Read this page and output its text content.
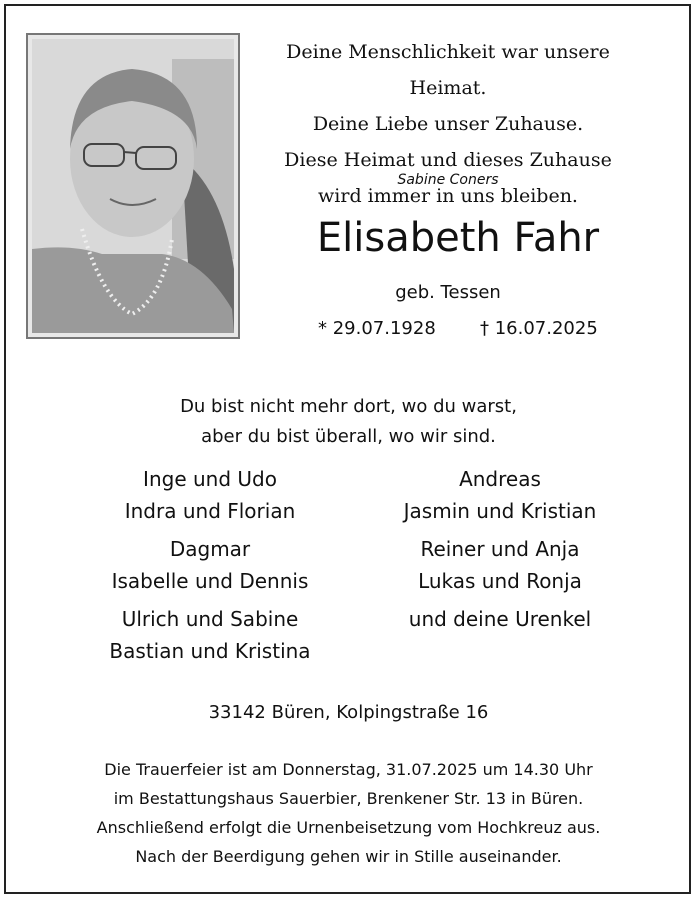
Deine Menschlichkeit war unsere Heimat.
Deine Liebe unser Zuhause.
Diese Heimat und dieses Zuhause
wird immer in uns bleiben.
Sabine Coners
Elisabeth Fahr
geb. Tessen
* 29.07.1928 † 16.07.2025
Du bist nicht mehr dort, wo du warst,
aber du bist überall, wo wir sind.
Inge und Udo
Indra und Florian
Dagmar
Isabelle und Dennis
Ulrich und Sabine
Bastian und Kristina
Andreas
Jasmin und Kristian
Reiner und Anja
Lukas und Ronja
und deine Urenkel
33142 Büren, Kolpingstraße 16
Die Trauerfeier ist am Donnerstag, 31.07.2025 um 14.30 Uhr
im Bestattungshaus Sauerbier, Brenkener Str. 13 in Büren.
Anschließend erfolgt die Urnenbeisetzung vom Hochkreuz aus.
Nach der Beerdigung gehen wir in Stille auseinander.
